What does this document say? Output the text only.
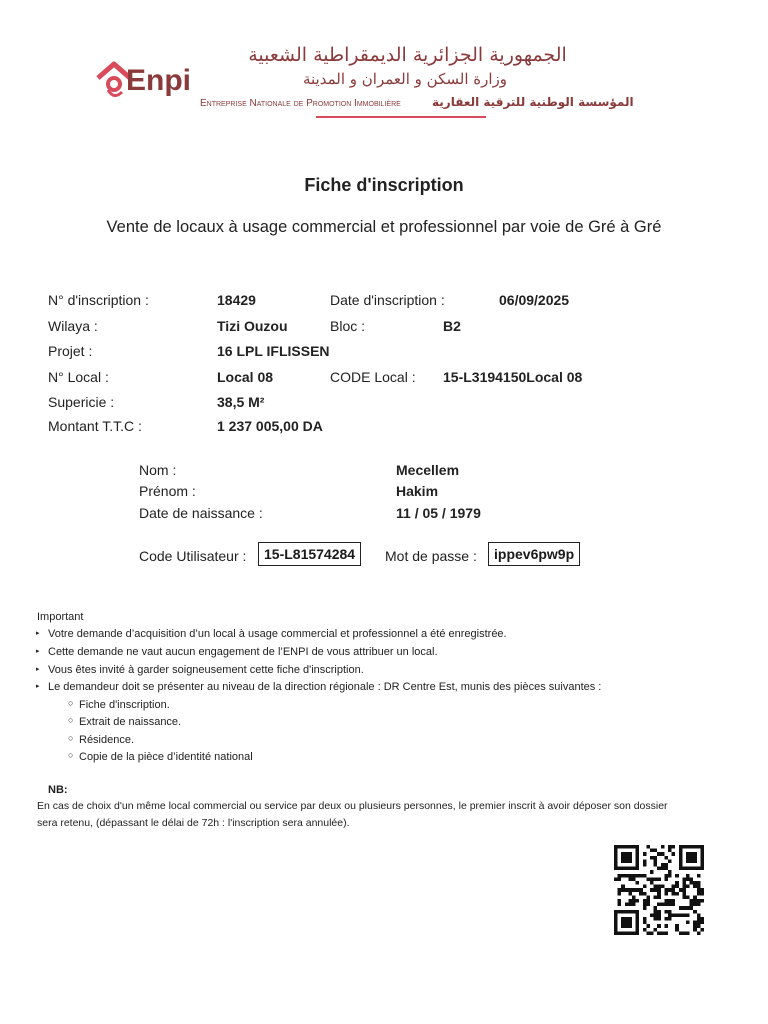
Enpi
الجمهورية الجزائرية الديمقراطية الشعبية
وزارة السكن و العمران و المدينة
Entreprise Nationale de Promotion Immobilière	المؤسسة الوطنية للترقية العقارية
Fiche d'inscription
Vente de locaux à usage commercial et professionnel par voie de Gré à Gré
N° d'inscription :	18429	Date d'inscription :	06/09/2025
Wilaya :	Tizi Ouzou	Bloc :	B2
Projet :	16 LPL IFLISSEN
N° Local :	Local 08	CODE Local : 15-L3194150Local 08
Supericie :	38,5 M²
Montant T.T.C :	1 237 005,00 DA
Nom :	Mecellem
Prénom :	Hakim
Date de naissance :	11 / 05 / 1979
Code Utilisateur :	15-L81574284	Mot de passe :	ippev6pw9p
Important
▸ Votre demande d’acquisition d’un local à usage commercial et professionnel a été enregistrée.
▸ Cette demande ne vaut aucun engagement de l’ENPI de vous attribuer un local.
▸ Vous êtes invité à garder soigneusement cette fiche d'inscription.
▸ Le demandeur doit se présenter au niveau de la direction régionale : DR Centre Est, munis des pièces suivantes :
○ Fiche d'inscription.
○ Extrait de naissance.
○ Résidence.
○ Copie de la pièce d’identité national
NB:
En cas de choix d'un même local commercial ou service par deux ou plusieurs personnes, le premier inscrit à avoir déposer son dossier
sera retenu, (dépassant le délai de 72h : l'inscription sera annulée).
